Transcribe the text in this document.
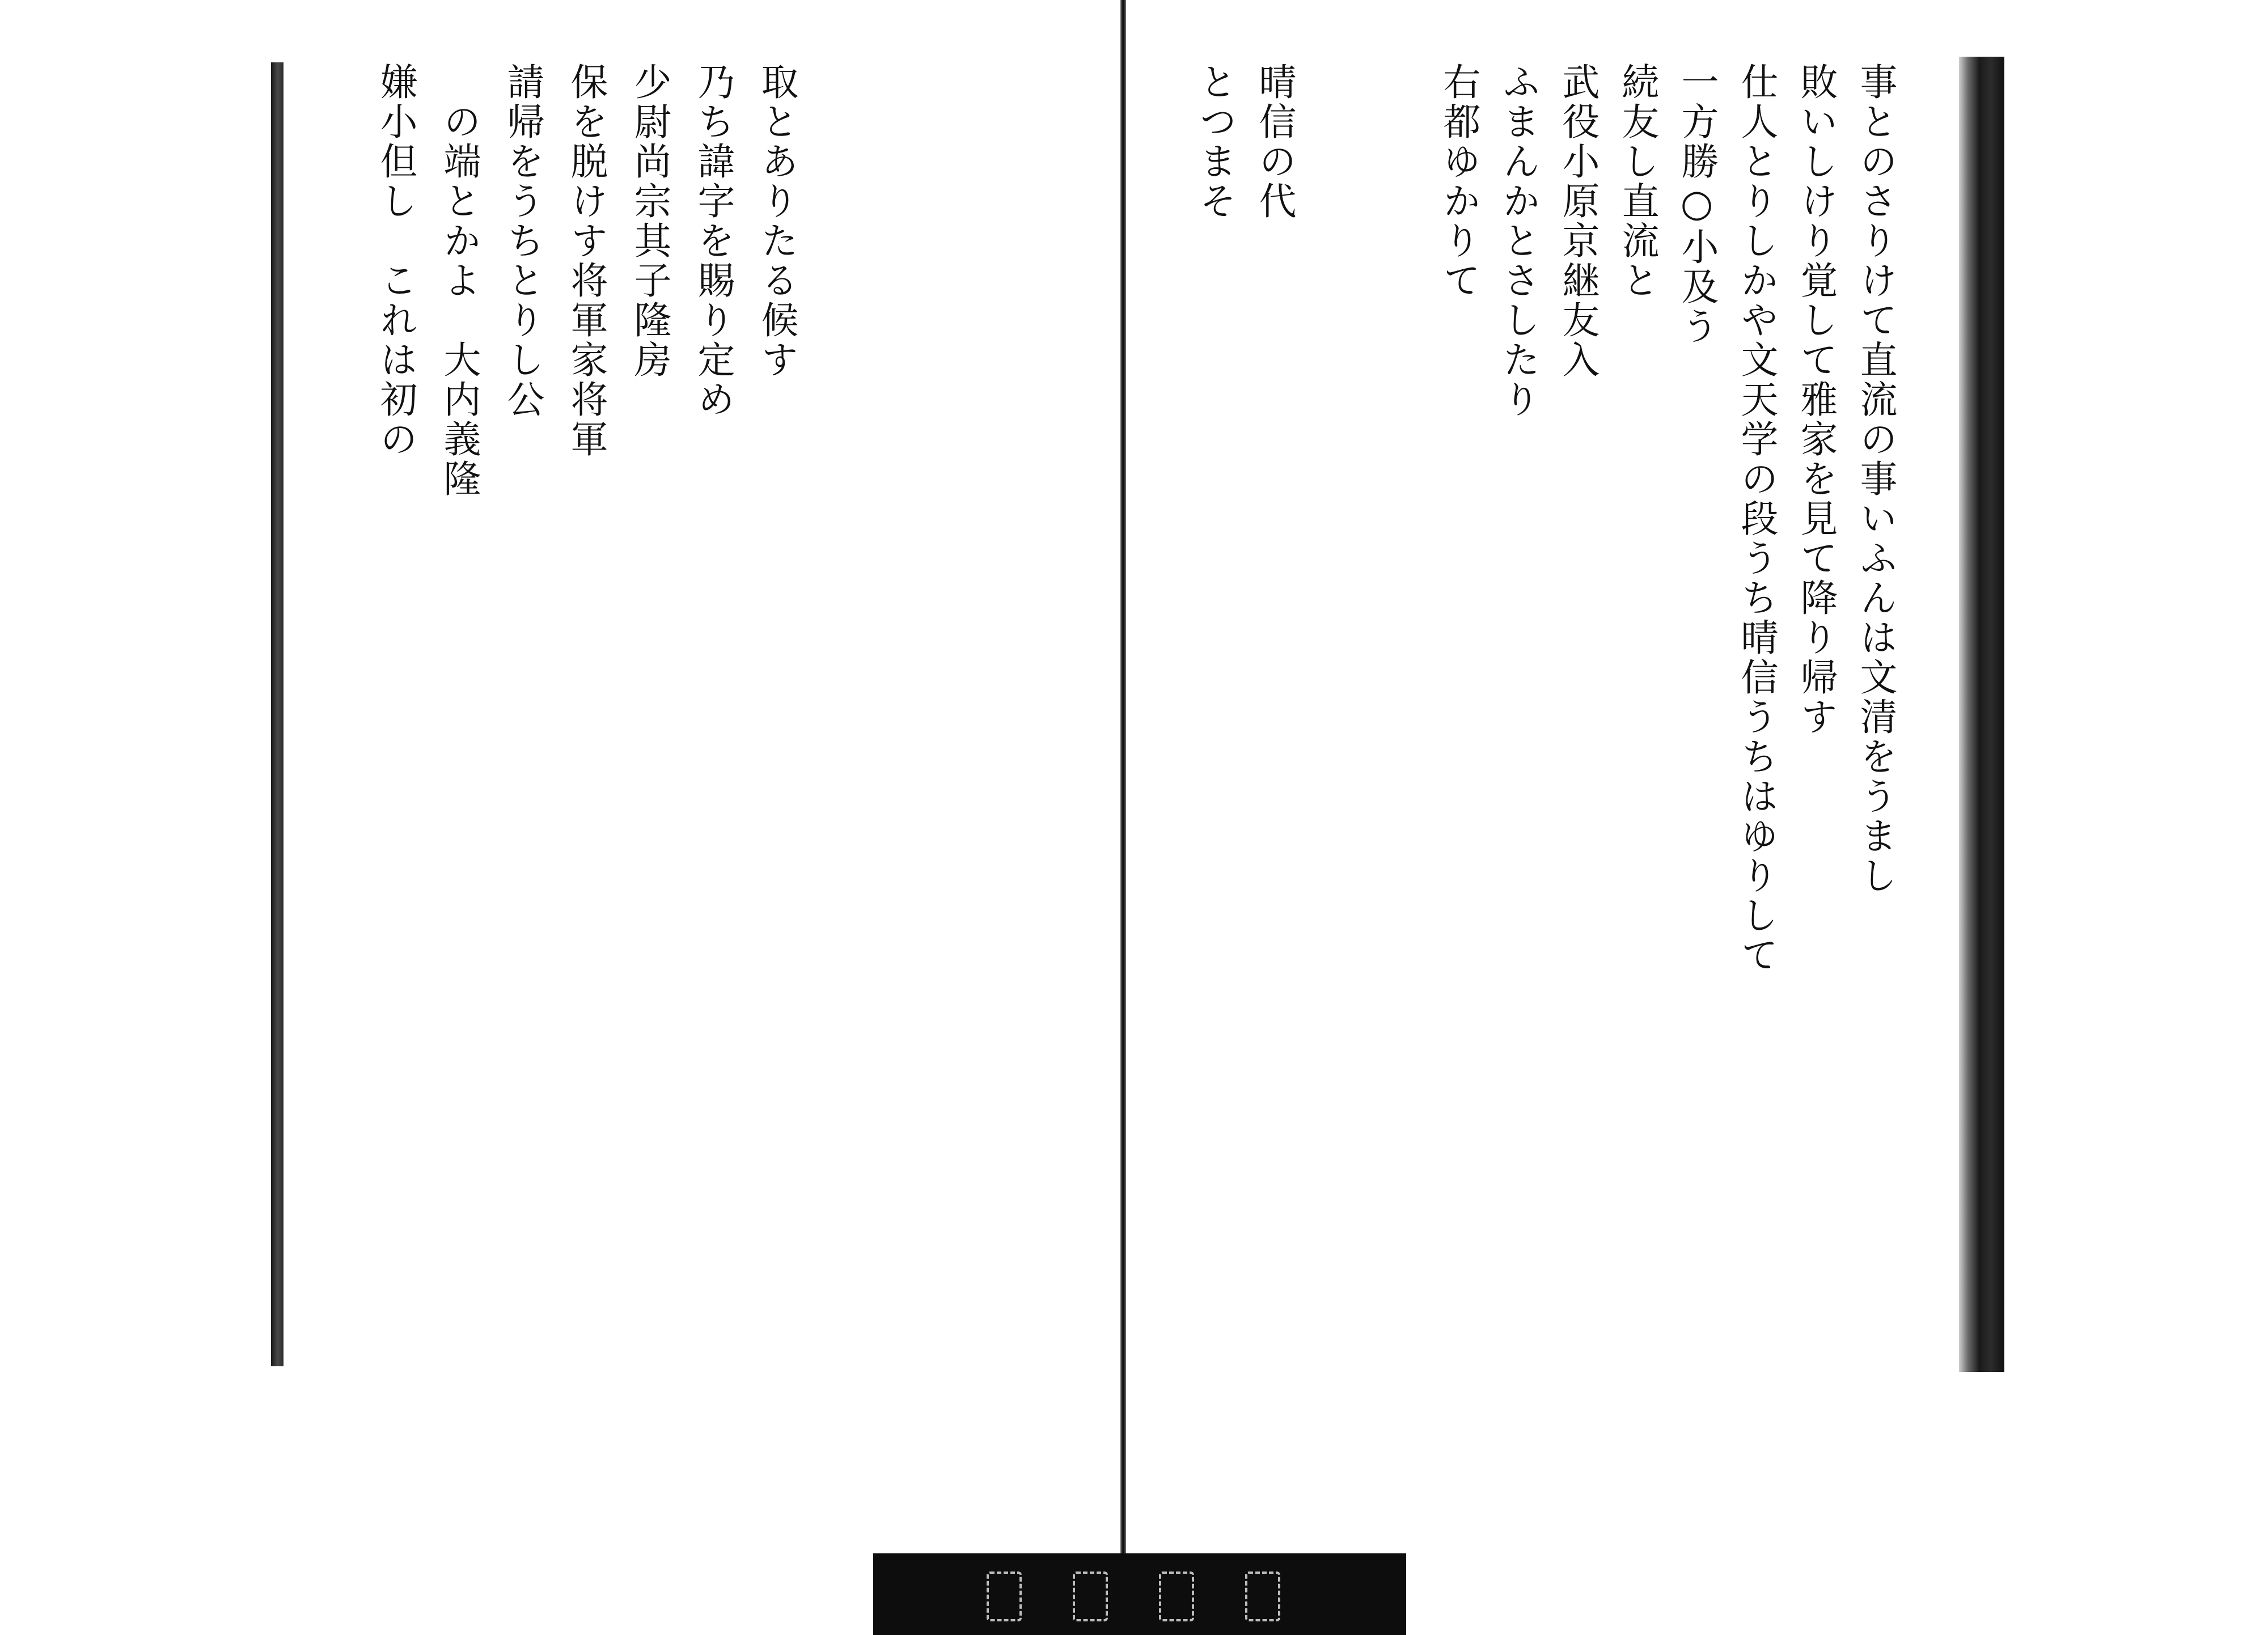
嫌小但し　これは初の 　の端とかよ　大内義隆 請帰をうちとりし公 保を脱けす将軍家将軍 少尉尚宗其子隆房 乃ち諱字を賜り定め 取とありたる候す	事とのさりけて直流の事いふんは文清をうまし
敗いしけり覚して雅家を見て降り帰す
仕人とりしかや文天学の段うち晴信うちはゆりして
一方勝○小及う
続友し直流と
武役小原京継友入
ふまんかとさしたり
右都ゆかりて
晴信の代
とつまそ
